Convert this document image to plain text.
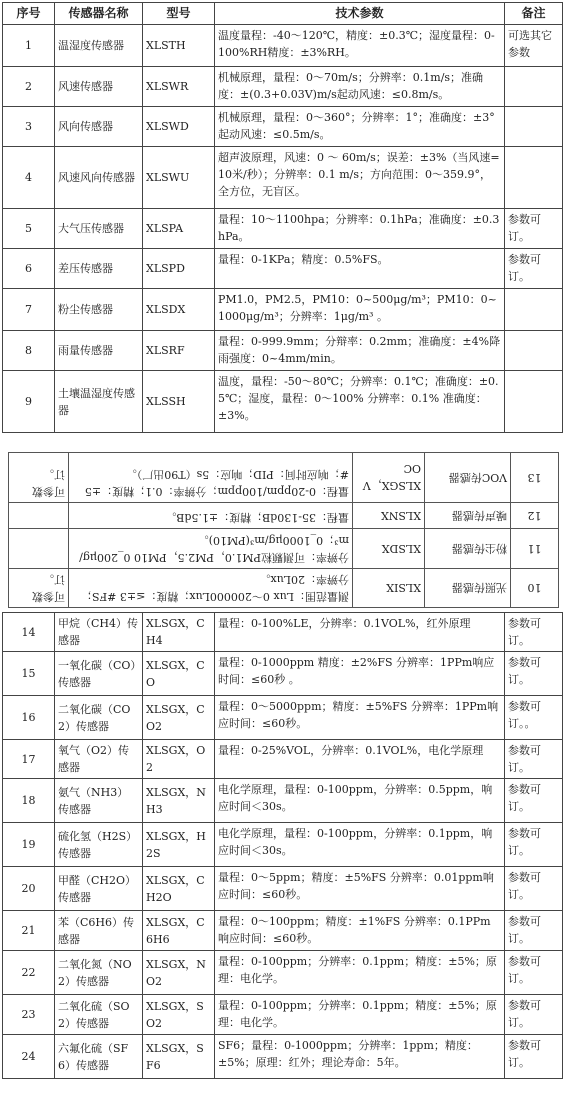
序号	传感器名称	型号	技术参数	备注
1	温湿度传感器	XLSTH	温度量程：-40～120℃，精度：±0.3℃；湿度量程：0-100%RH精度：±3%RH。	可选其它参数
2	风速传感器	XLSWR	机械原理，量程：0～70m/s；分辨率：0.1m/s；准确度：±(0.3+0.03V)m/s起动风速：≤0.8m/s。	
3	风向传感器	XLSWD	机械原理，量程：0～360°；分辨率：1°；准确度：±3° 起动风速：≤0.5m/s。	
4	风速风向传感器	XLSWU	超声波原理，风速：0 ～ 60m/s；误差：±3%（当风速=10米/秒）；分辨率：0.1 m/s；方向范围：0～359.9°，全方位，无盲区。	
5	大气压传感器	XLSPA	量程：10～1100hpa；分辨率：0.1hPa；准确度：±0.3hPa。	参数可订。
6	差压传感器	XLSPD	量程：0-1KPa；精度：0.5%FS。	参数可订。
7	粉尘传感器	XLSDX	PM1.0，PM2.5，PM10：0~500μg/m³；PM10：0~1000μg/m³；分辨率：1μg/m³ 。	
8	雨量传感器	XLSRF	量程：0-999.9mm；分辩率：0.2mm；准确度：±4%降雨强度：0~4mm/min。	
9	土壤温湿度传感器	XLSSH	温度，量程：-50～80℃；分辨率：0.1℃；准确度：±0.5℃；湿度，量程：0～100% 分辨率：0.1% 准确度：±3%。	
10	光照传感器	XLSIX	测量范围：Lux 0～200000Lux；精度：≤±3 #FS；分辨率：20Lux。	可参数订。
11	粉尘传感器	XLSDX	分辨率：可测颗粒PM1.0，PM2.5，PM10 0_200μg/m³；0_1000μg/m³(PM10)。	
12	噪声传感器	XLSNX	量程：35-130dB；精度：±1.5dB。	
13	VOC传感器	XLSGX，VOC	量程：0-20ppm/100ppm；分辨率：0.1；精度：±5#；响应时间：PID；响应：5s（T90出厂）。	可参数订。
14	甲烷（CH4）传感器	XLSGX，CH4	量程：0-100%LE，分辨率：0.1VOL%，红外原理	参数可订。
15	一氧化碳（CO）传感器	XLSGX，CO	量程：0-1000ppm 精度：±2%FS 分辨率：1PPm响应时间：≤60秒 。	参数可订。
16	二氧化碳（CO2）传感器	XLSGX，CO2	量程：0～5000ppm；精度：±5%FS 分辨率：1PPm响应时间：≤60秒。	参数可订。。
17	氧气（O2）传感器	XLSGX，O2	量程：0-25%VOL，分辨率：0.1VOL%，电化学原理	参数可订。
18	氨气（NH3）传感器	XLSGX，NH3	电化学原理，量程：0-100ppm，分辨率：0.5ppm，响 应时间＜30s。	参数可订。
19	硫化氢（H2S）传感器	XLSGX，H2S	电化学原理，量程：0-100ppm，分辨率：0.1ppm，响应时间＜30s。	参数可订。
20	甲醛（CH2O）传感器	XLSGX，CH2O	量程：0～5ppm；精度：±5%FS 分辨率：0.01ppm响应时间：≤60秒。	参数可订。
21	苯（C6H6）传感器	XLSGX，C6H6	量程：0～100ppm；精度：±1%FS 分辨率：0.1PPm 响应时间：≤60秒。	参数可订。
22	二氧化氮（NO2）传感器	XLSGX，NO2	量程：0-100ppm；分辨率：0.1ppm；精度：±5%；原理：电化学。	参数可订。
23	二氧化硫（SO2）传感器	XLSGX，SO2	量程：0-100ppm；分辨率：0.1ppm；精度：±5%；原理：电化学。	参数可订。
24	六氟化硫（SF6）传感器	XLSGX，SF6	SF6；量程：0-1000ppm；分辨率：1ppm；精度：±5%；原理：红外；理论寿命：5年。	参数可订。
